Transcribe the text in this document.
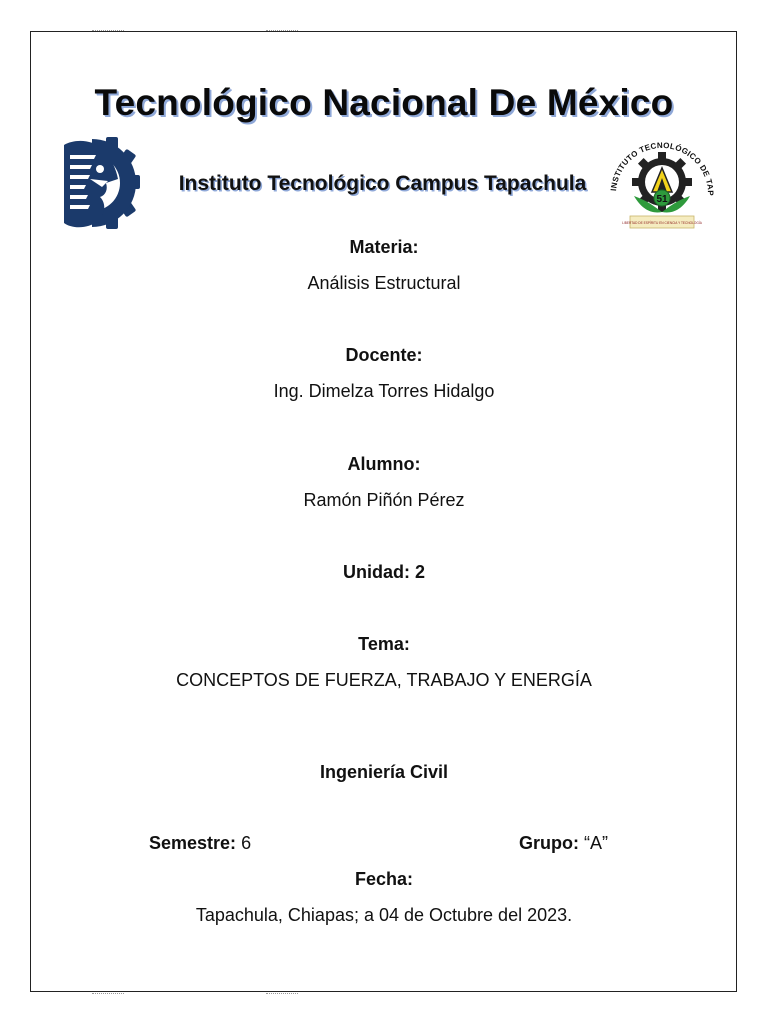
Tecnológico Nacional De México
Instituto Tecnológico Campus Tapachula	INSTITUTO TECNOLÓGICO DE TAP
51
LIBERTAD DE ESPÍRITU EN CIENCIA Y TECNOLOGÍA
Materia:
Análisis Estructural
Docente:
Ing. Dimelza Torres Hidalgo
Alumno:
Ramón Piñón Pérez
Unidad: 2
Tema:
CONCEPTOS DE FUERZA, TRABAJO Y ENERGÍA
Ingeniería Civil
Semestre: 6	Grupo: “A”
Fecha:
Tapachula, Chiapas; a 04 de Octubre del 2023.
